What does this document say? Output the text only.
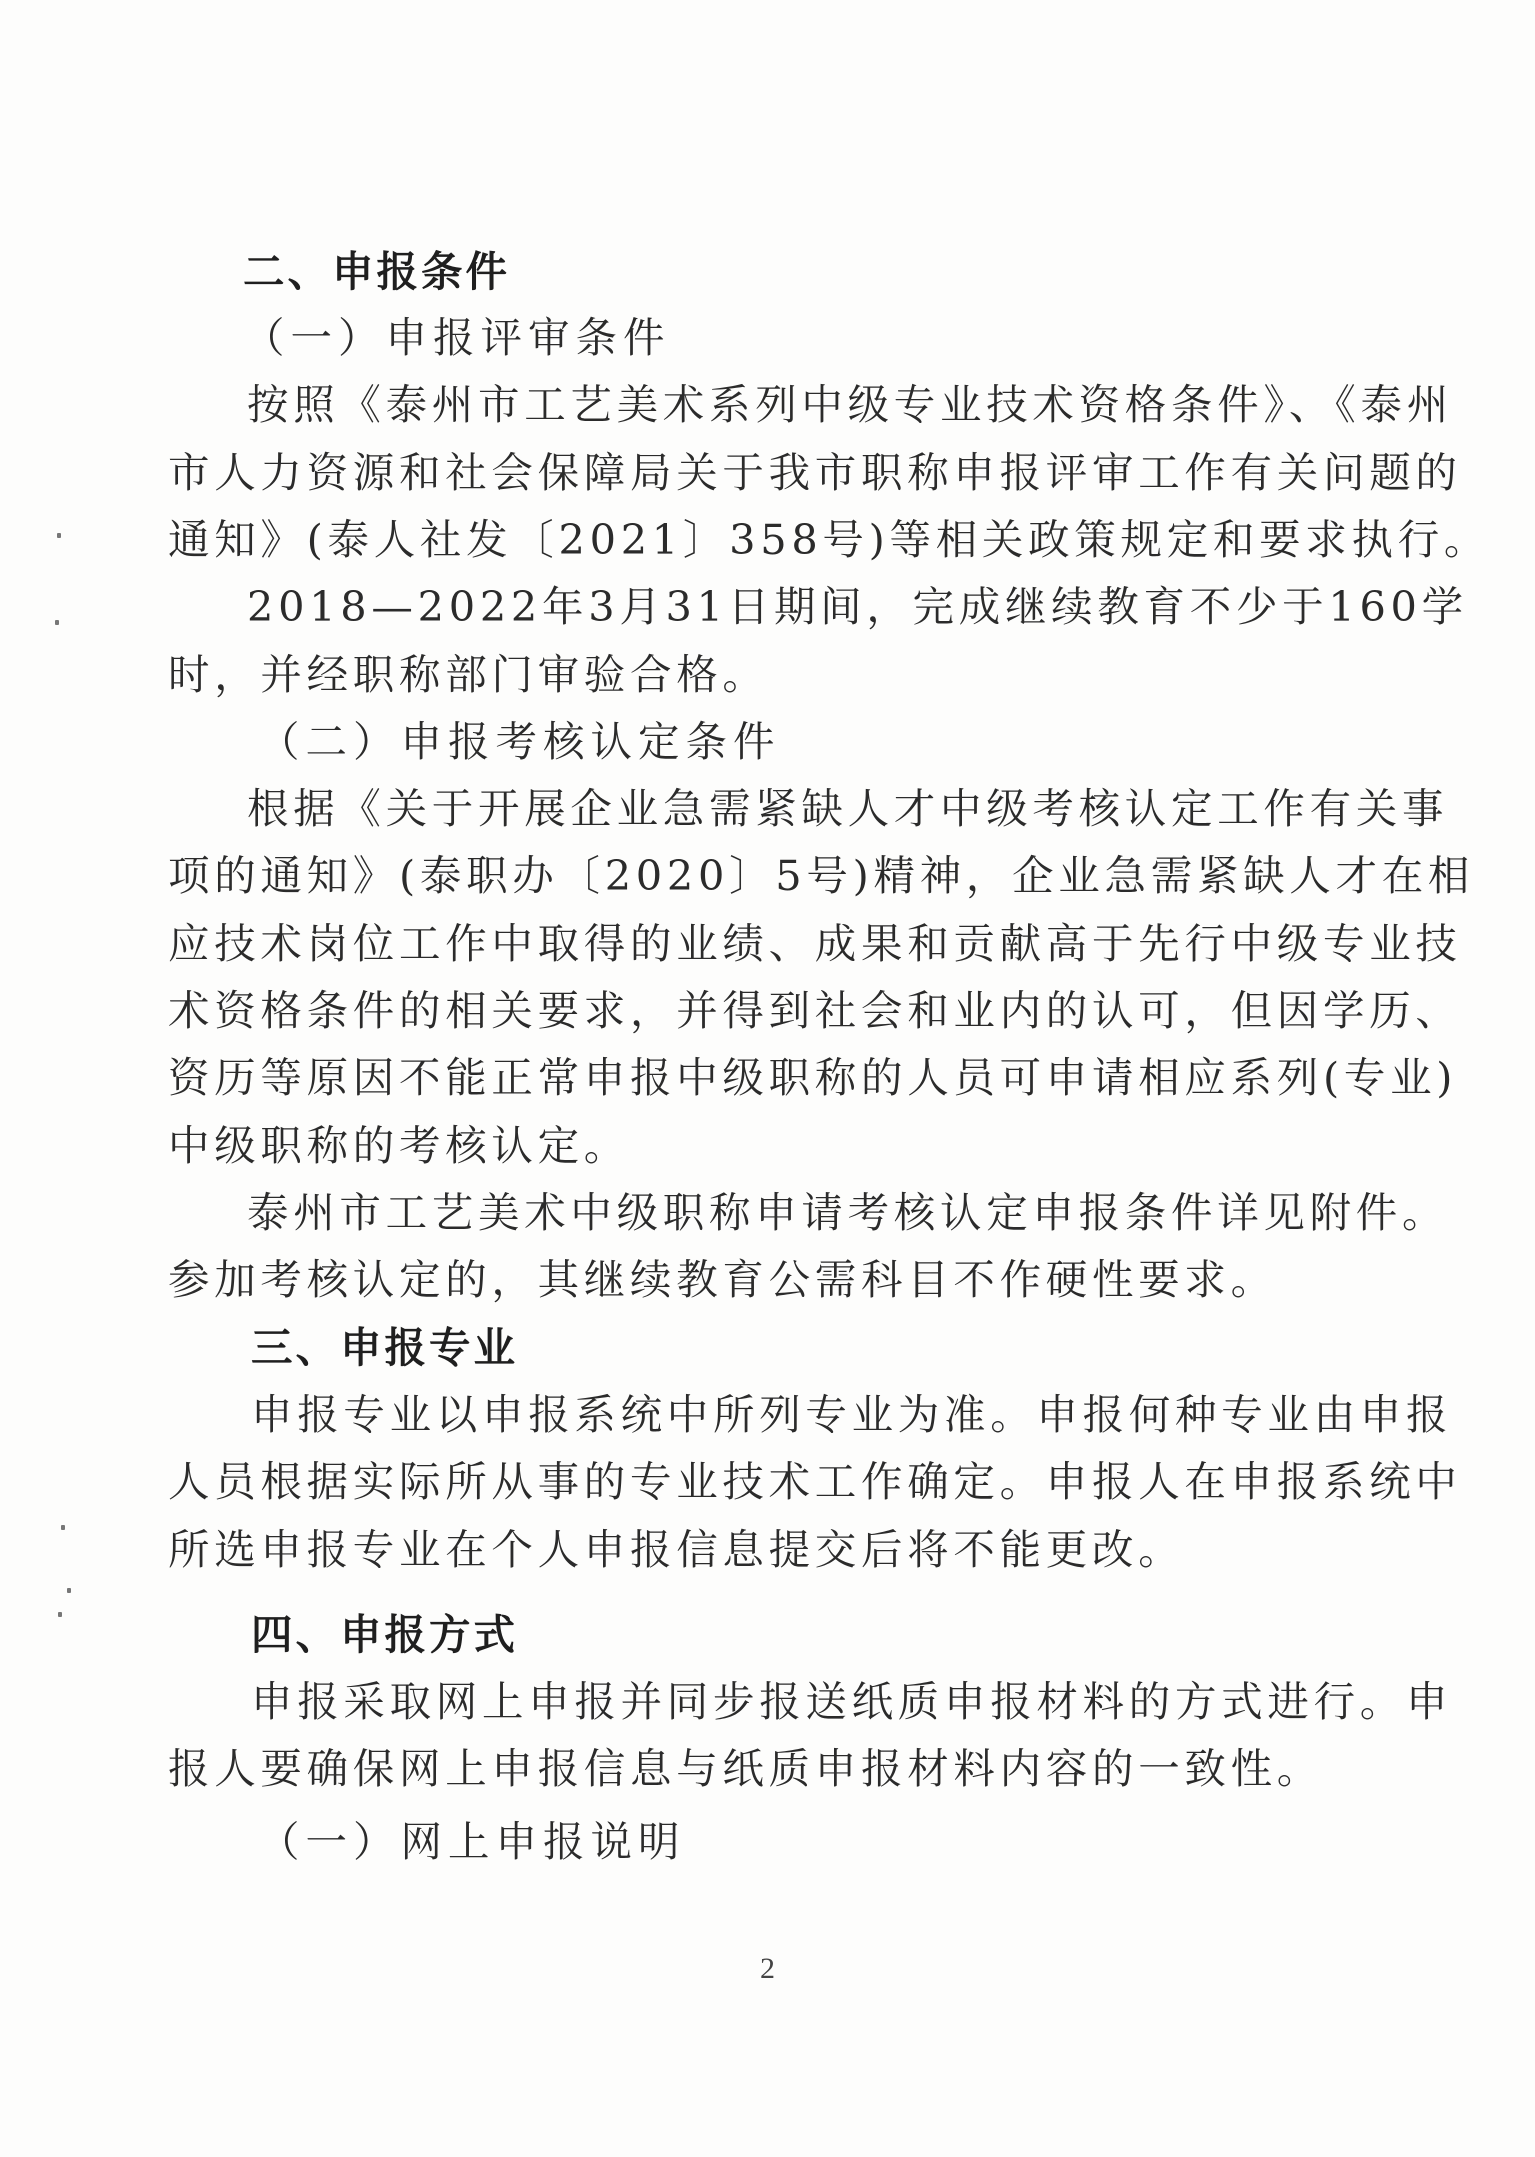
二、申报条件
（一）申报评审条件
按照《泰州市工艺美术系列中级专业技术资格条件》、《泰州
市人力资源和社会保障局关于我市职称申报评审工作有关问题的
通知》(泰人社发〔2021〕358号)等相关政策规定和要求执行。
2018—2022年3月31日期间，完成继续教育不少于160学
时，并经职称部门审验合格。
（二）申报考核认定条件
根据《关于开展企业急需紧缺人才中级考核认定工作有关事
项的通知》(泰职办〔2020〕5号)精神，企业急需紧缺人才在相
应技术岗位工作中取得的业绩、成果和贡献高于先行中级专业技
术资格条件的相关要求，并得到社会和业内的认可，但因学历、
资历等原因不能正常申报中级职称的人员可申请相应系列(专业)
中级职称的考核认定。
泰州市工艺美术中级职称申请考核认定申报条件详见附件。
参加考核认定的，其继续教育公需科目不作硬性要求。
三、申报专业
申报专业以申报系统中所列专业为准。申报何种专业由申报
人员根据实际所从事的专业技术工作确定。申报人在申报系统中
所选申报专业在个人申报信息提交后将不能更改。
四、申报方式
申报采取网上申报并同步报送纸质申报材料的方式进行。申
报人要确保网上申报信息与纸质申报材料内容的一致性。
（一）网上申报说明
2
